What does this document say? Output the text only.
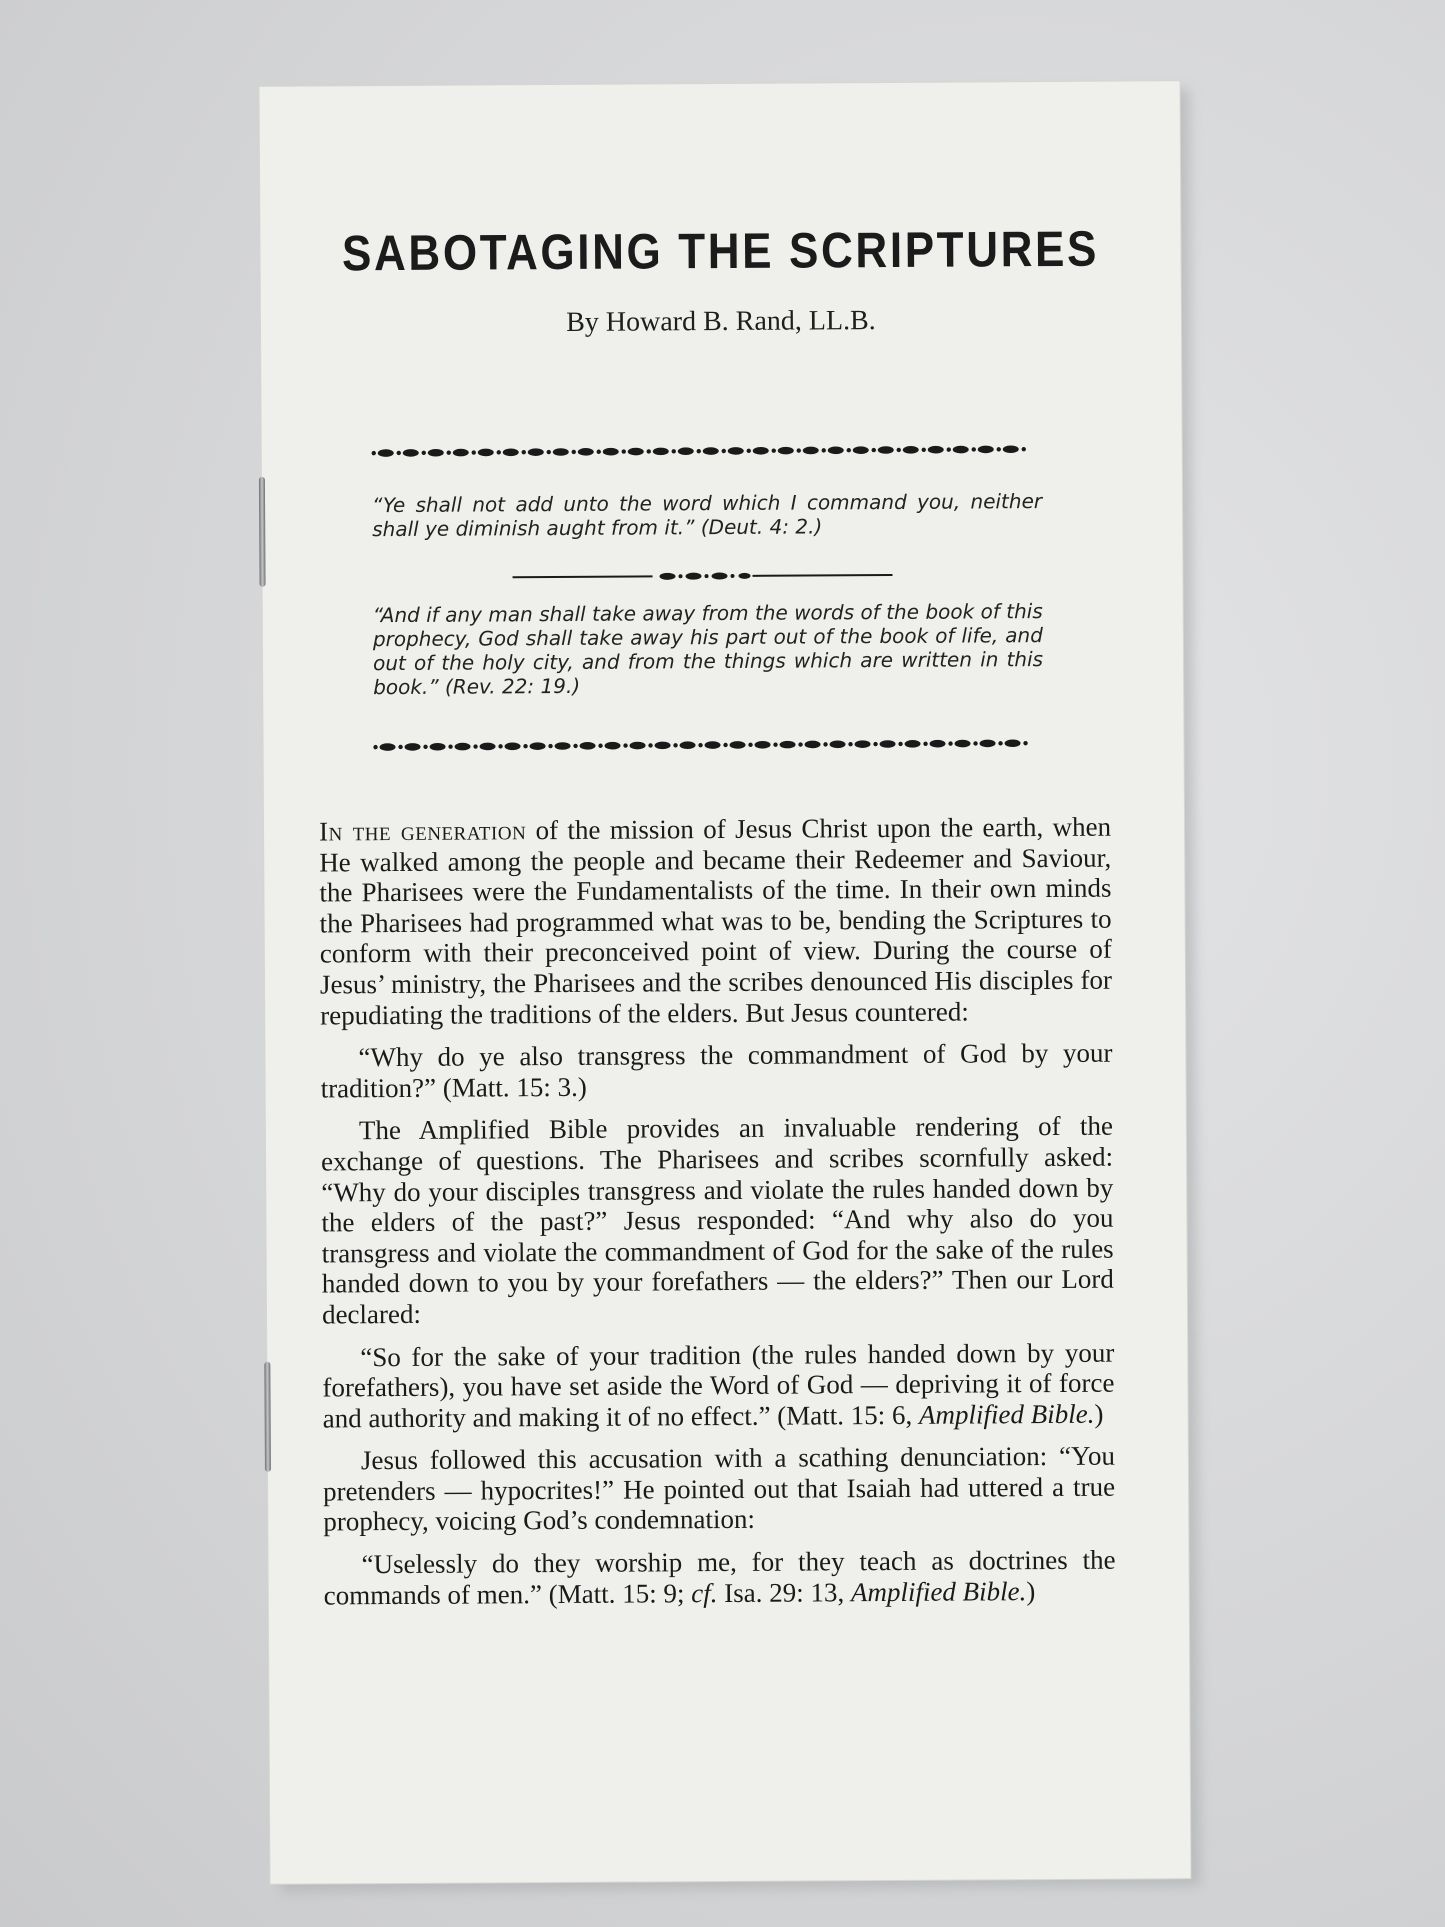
SABOTAGING THE SCRIPTURES
By Howard B. Rand, LL.B.
“Ye shall not add unto the word which I command you, neither shall ye diminish aught from it.” (Deut. 4: 2.)
“And if any man shall take away from the words of the book of this prophecy, God shall take away his part out of the book of life, and out of the holy city, and from the things which are written in this book.” (Rev. 22: 19.)

In the generation of the mission of Jesus Christ upon the earth, when He walked among the people and became their Redeemer and Saviour, the Pharisees were the Fundamentalists of the time. In their own minds the Pharisees had programmed what was to be, bending the Scriptures to conform with their preconceived point of view. During the course of Jesus’ ministry, the Pharisees and the scribes denounced His disciples for repudiating the traditions of the elders. But Jesus countered:

“Why do ye also transgress the commandment of God by your tradition?” (Matt. 15: 3.)

The Amplified Bible provides an invaluable rendering of the exchange of questions. The Pharisees and scribes scornfully asked: “Why do your disciples transgress and violate the rules handed down by the elders of the past?” Jesus responded: “And why also do you transgress and violate the commandment of God for the sake of the rules handed down to you by your forefathers — the elders?” Then our Lord declared:

“So for the sake of your tradition (the rules handed down by your forefathers), you have set aside the Word of God — depriving it of force and authority and making it of no effect.” (Matt. 15: 6, Amplified Bible.)

Jesus followed this accusation with a scathing denunciation: “You pretenders — hypocrites!” He pointed out that Isaiah had uttered a true prophecy, voicing God’s condemnation:

“Uselessly do they worship me, for they teach as doctrines the commands of men.” (Matt. 15: 9; cf. Isa. 29: 13, Amplified Bible.)
